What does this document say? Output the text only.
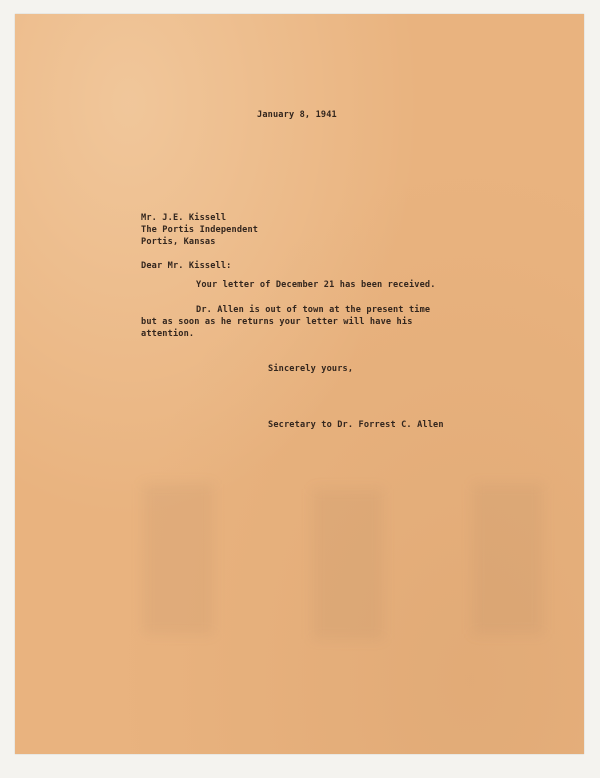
January 8, 1941
Mr. J.E. Kissell
The Portis Independent
Portis, Kansas
Dear Mr. Kissell:
Your letter of December 21 has been received.
Dr. Allen is out of town at the present time
but as soon as he returns your letter will have his
attention.
Sincerely yours,
Secretary to Dr. Forrest C. Allen
